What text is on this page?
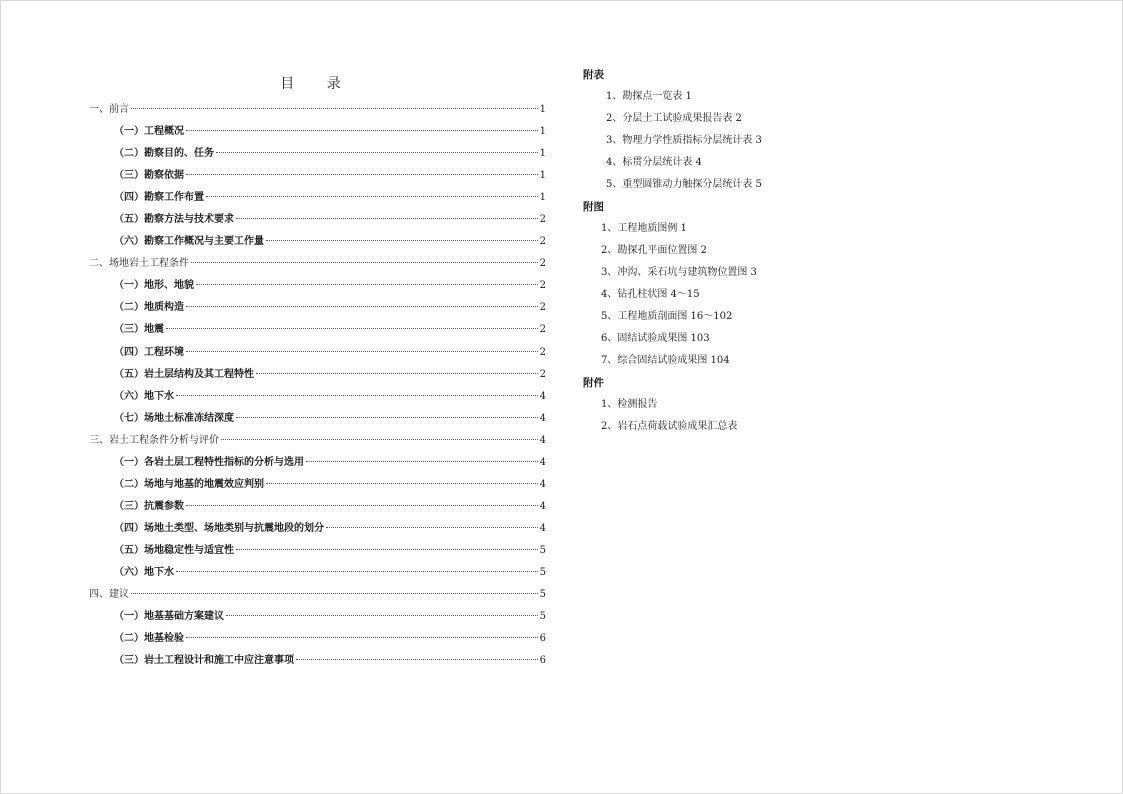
目 录
一、前言	1
（一）工程概况	1
（二）勘察目的、任务	1
（三）勘察依据	1
（四）勘察工作布置	1
（五）勘察方法与技术要求	2
（六）勘察工作概况与主要工作量	2
二、场地岩土工程条件	2
（一）地形、地貌	2
（二）地质构造	2
（三）地震	2
（四）工程环境	2
（五）岩土层结构及其工程特性	2
（六）地下水	4
（七）场地土标准冻结深度	4
三、岩土工程条件分析与评价	4
（一）各岩土层工程特性指标的分析与选用	4
（二）场地与地基的地震效应判别	4
（三）抗震参数	4
（四）场地土类型、场地类别与抗震地段的划分	4
（五）场地稳定性与适宜性	5
（六）地下水	5
四、建议	5
（一）地基基础方案建议	5
（二）地基检验	6
（三）岩土工程设计和施工中应注意事项	6
附表
1、勘探点一览表 1
2、分层土工试验成果报告表 2
3、物理力学性质指标分层统计表 3
4、标贯分层统计表 4
5、重型圆锥动力触探分层统计表 5
附图
1、工程地质图例 1
2、勘探孔平面位置图 2
3、冲沟、采石坑与建筑物位置图 3
4、钻孔柱状图 4～15
5、工程地质剖面图 16～102
6、固结试验成果图 103
7、综合固结试验成果图 104
附件
1、检测报告
2、岩石点荷载试验成果汇总表
